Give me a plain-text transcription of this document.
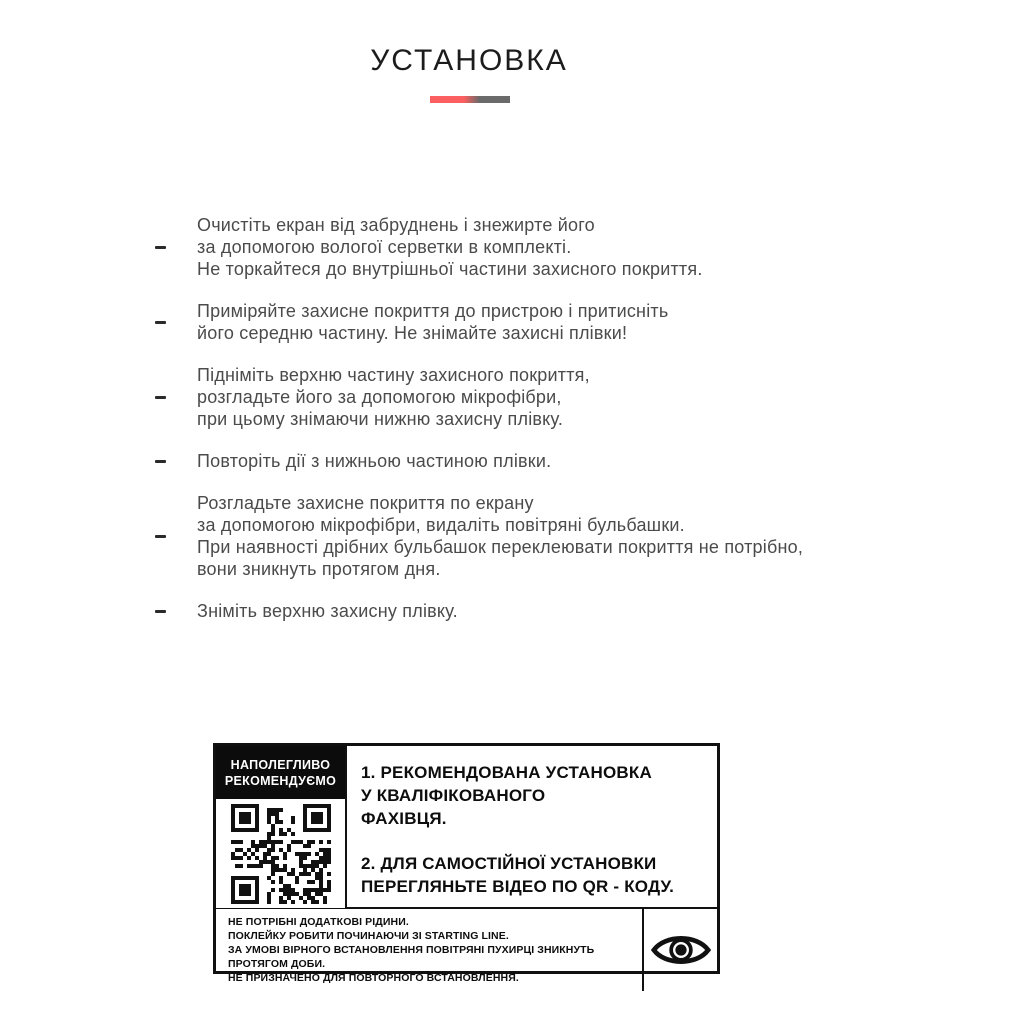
УСТАНОВКА
Очистіть екран від забруднень і знежирте його
за допомогою вологої серветки в комплекті.
Не торкайтеся до внутрішньої частини захисного покриття.
Приміряйте захисне покриття до пристрою і притисніть
його середню частину. Не знімайте захисні плівки!
Підніміть верхню частину захисного покриття,
розгладьте його за допомогою мікрофібри,
при цьому знімаючи нижню захисну плівку.
Повторіть дії з нижньою частиною плівки.
Розгладьте захисне покриття по екрану
за допомогою мікрофібри, видаліть повітряні бульбашки.
При наявності дрібних бульбашок переклеювати покриття не потрібно,
вони зникнуть протягом дня.
Зніміть верхню захисну плівку.
НАПОЛЕГЛИВО
РЕКОМЕНДУЄМО	1. РЕКОМЕНДОВАНА УСТАНОВКА
У КВАЛІФІКОВАНОГО
ФАХІВЦЯ.
2. ДЛЯ САМОСТІЙНОЇ УСТАНОВКИ
ПЕРЕГЛЯНЬТЕ ВІДЕО ПО QR - КОДУ.
НЕ ПОТРІБНІ ДОДАТКОВІ РІДИНИ.
ПОКЛЕЙКУ РОБИТИ ПОЧИНАЮЧИ ЗІ STARTING LINE.
ЗА УМОВІ ВІРНОГО ВСТАНОВЛЕННЯ ПОВІТРЯНІ ПУХИРЦІ ЗНИКНУТЬ ПРОТЯГОМ ДОБИ.
НЕ ПРИЗНАЧЕНО ДЛЯ ПОВТОРНОГО ВСТАНОВЛЕННЯ.
